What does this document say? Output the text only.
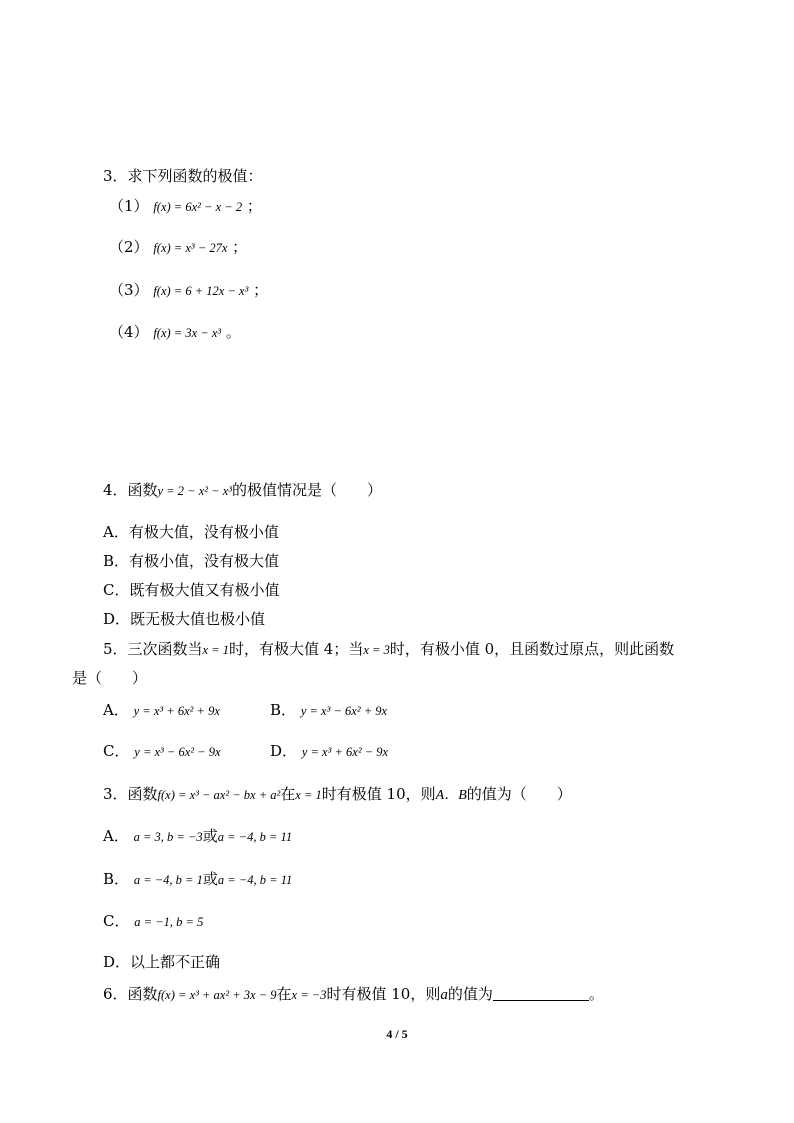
3．求下列函数的极值：
（1） f(x) = 6x² − x − 2 ；
（2） f(x) = x³ − 27x ；
（3） f(x) = 6 + 12x − x³ ；
（4） f(x) = 3x − x³ 。
4．函数y = 2 − x² − x³的极值情况是（　　）
A．有极大值，没有极小值
B．有极小值，没有极大值
C．既有极大值又有极小值
D．既无极大值也极小值
5．三次函数当x = 1时，有极大值 4；当x = 3时，有极小值 0，且函数过原点，则此函数
是（　　）
A． y = x³ + 6x² + 9x	B． y = x³ − 6x² + 9x
C． y = x³ − 6x² − 9x	D． y = x³ + 6x² − 9x
3．函数f(x) = x³ − ax² − bx + a²在x = 1时有极值 10，则A．B的值为（　　）
A． a = 3, b = −3或a = −4, b = 11
B． a = −4, b = 1或a = −4, b = 11
C． a = −1, b = 5
D．以上都不正确
6．函数f(x) = x³ + ax² + 3x − 9在x = −3时有极值 10，则a的值为	。
4 / 5
